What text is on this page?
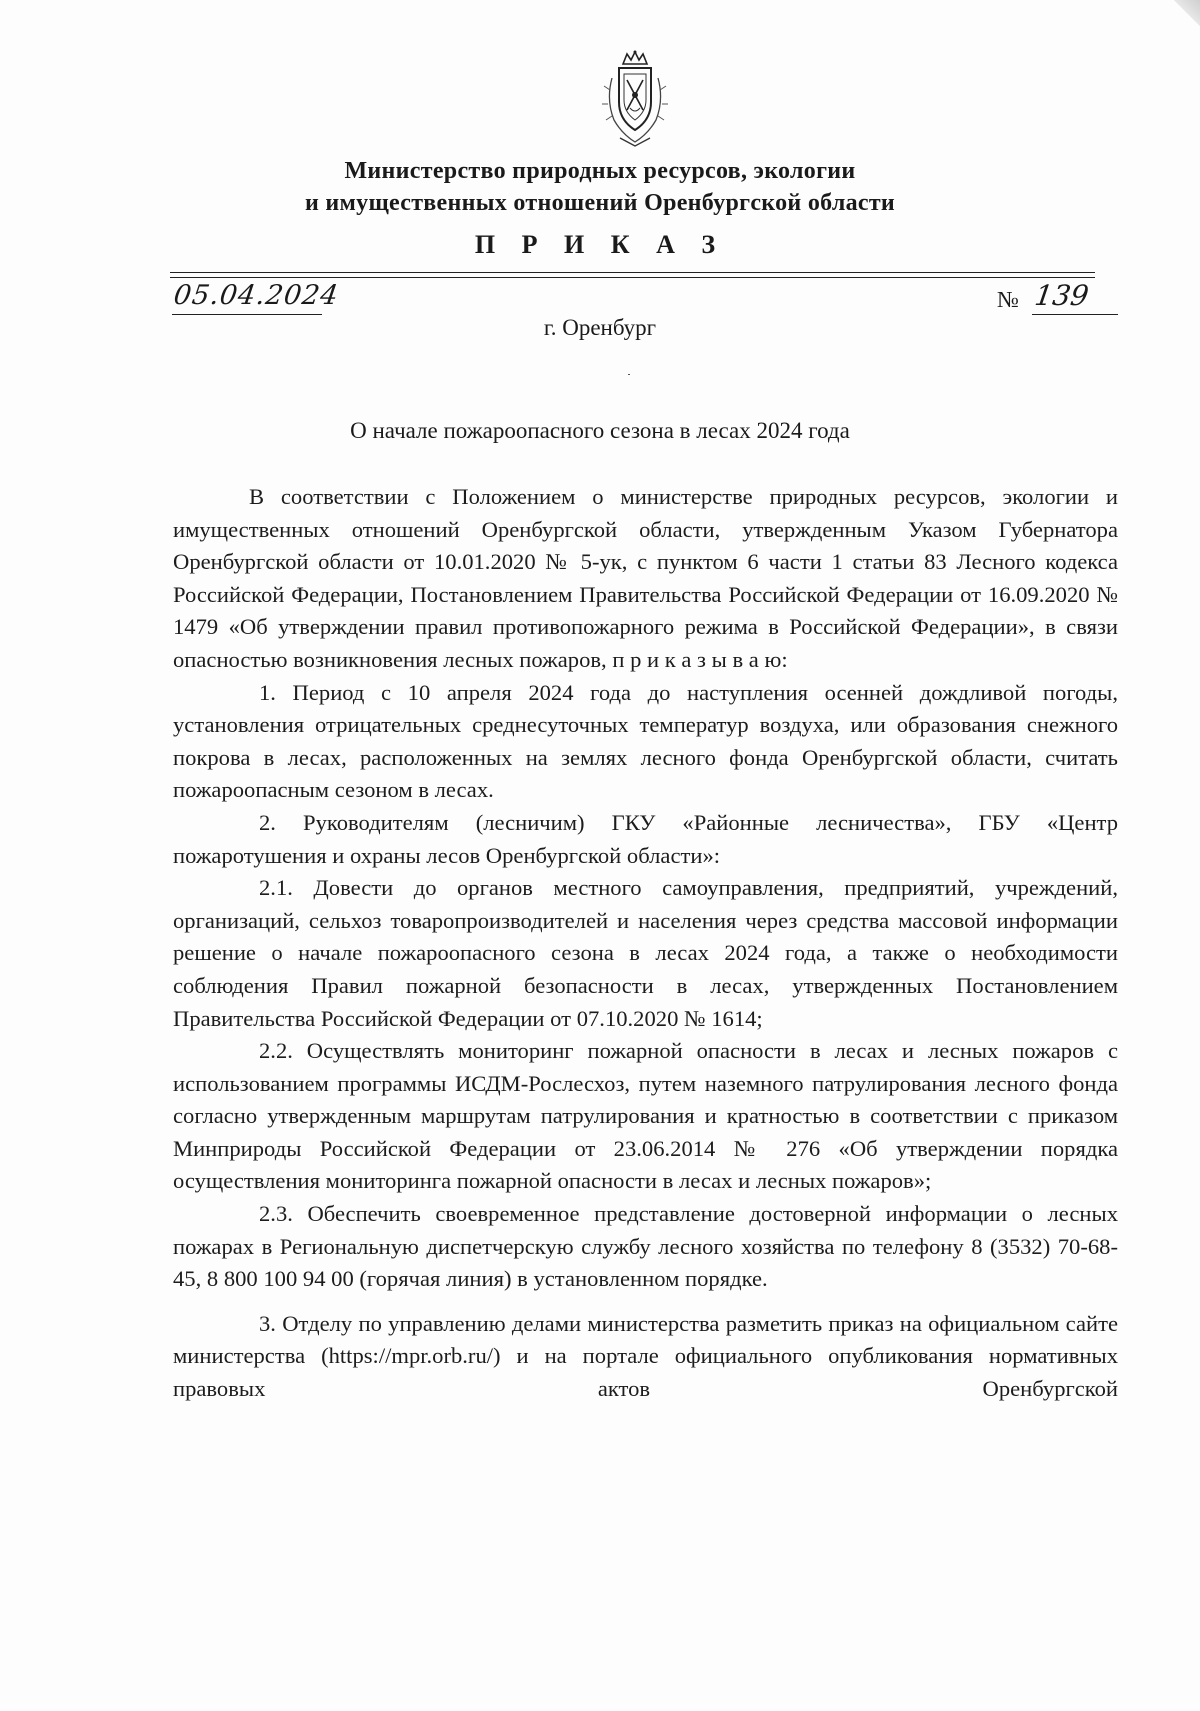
Министерство природных ресурсов, экологии
и имущественных отношений Оренбургской области
П Р И К А З
05.04.2024	№ 139
г. Оренбург
О начале пожароопасного сезона в лесах 2024 года

В соответствии с Положением о министерстве природных ресурсов, экологии и имущественных отношений Оренбургской области, утвержденным Указом Губернатора Оренбургской области от 10.01.2020 № 5-ук, с пунктом 6 части 1 статьи 83 Лесного кодекса Российской Федерации, Постановлением Правительства Российской Федерации от 16.09.2020 № 1479 «Об утверждении правил противопожарного режима в Российской Федерации», в связи опасностью возникновения лесных пожаров, п р и к а з ы в а ю:

1. Период с 10 апреля 2024 года до наступления осенней дождливой погоды, установления отрицательных среднесуточных температур воздуха, или образования снежного покрова в лесах, расположенных на землях лесного фонда Оренбургской области, считать пожароопасным сезоном в лесах.

2. Руководителям (лесничим) ГКУ «Районные лесничества», ГБУ «Центр пожаротушения и охраны лесов Оренбургской области»:

2.1. Довести до органов местного самоуправления, предприятий, учреждений, организаций, сельхоз товаропроизводителей и населения через средства массовой информации решение о начале пожароопасного сезона в лесах 2024 года, а также о необходимости соблюдения Правил пожарной безопасности в лесах, утвержденных Постановлением Правительства Российской Федерации от 07.10.2020 № 1614;

2.2. Осуществлять мониторинг пожарной опасности в лесах и лесных пожаров с использованием программы ИСДМ-Рослесхоз, путем наземного патрулирования лесного фонда согласно утвержденным маршрутам патрулирования и кратностью в соответствии с приказом Минприроды Российской Федерации от 23.06.2014 № 276 «Об утверждении порядка осуществления мониторинга пожарной опасности в лесах и лесных пожаров»;

2.3. Обеспечить своевременное представление достоверной информации о лесных пожарах в Региональную диспетчерскую службу лесного хозяйства по телефону 8 (3532) 70-68-45, 8 800 100 94 00 (горячая линия) в установленном порядке.

3. Отделу по управлению делами министерства разметить приказ на официальном сайте министерства (https://mpr.orb.ru/) и на портале официального опубликования нормативных правовых актов Оренбургской
